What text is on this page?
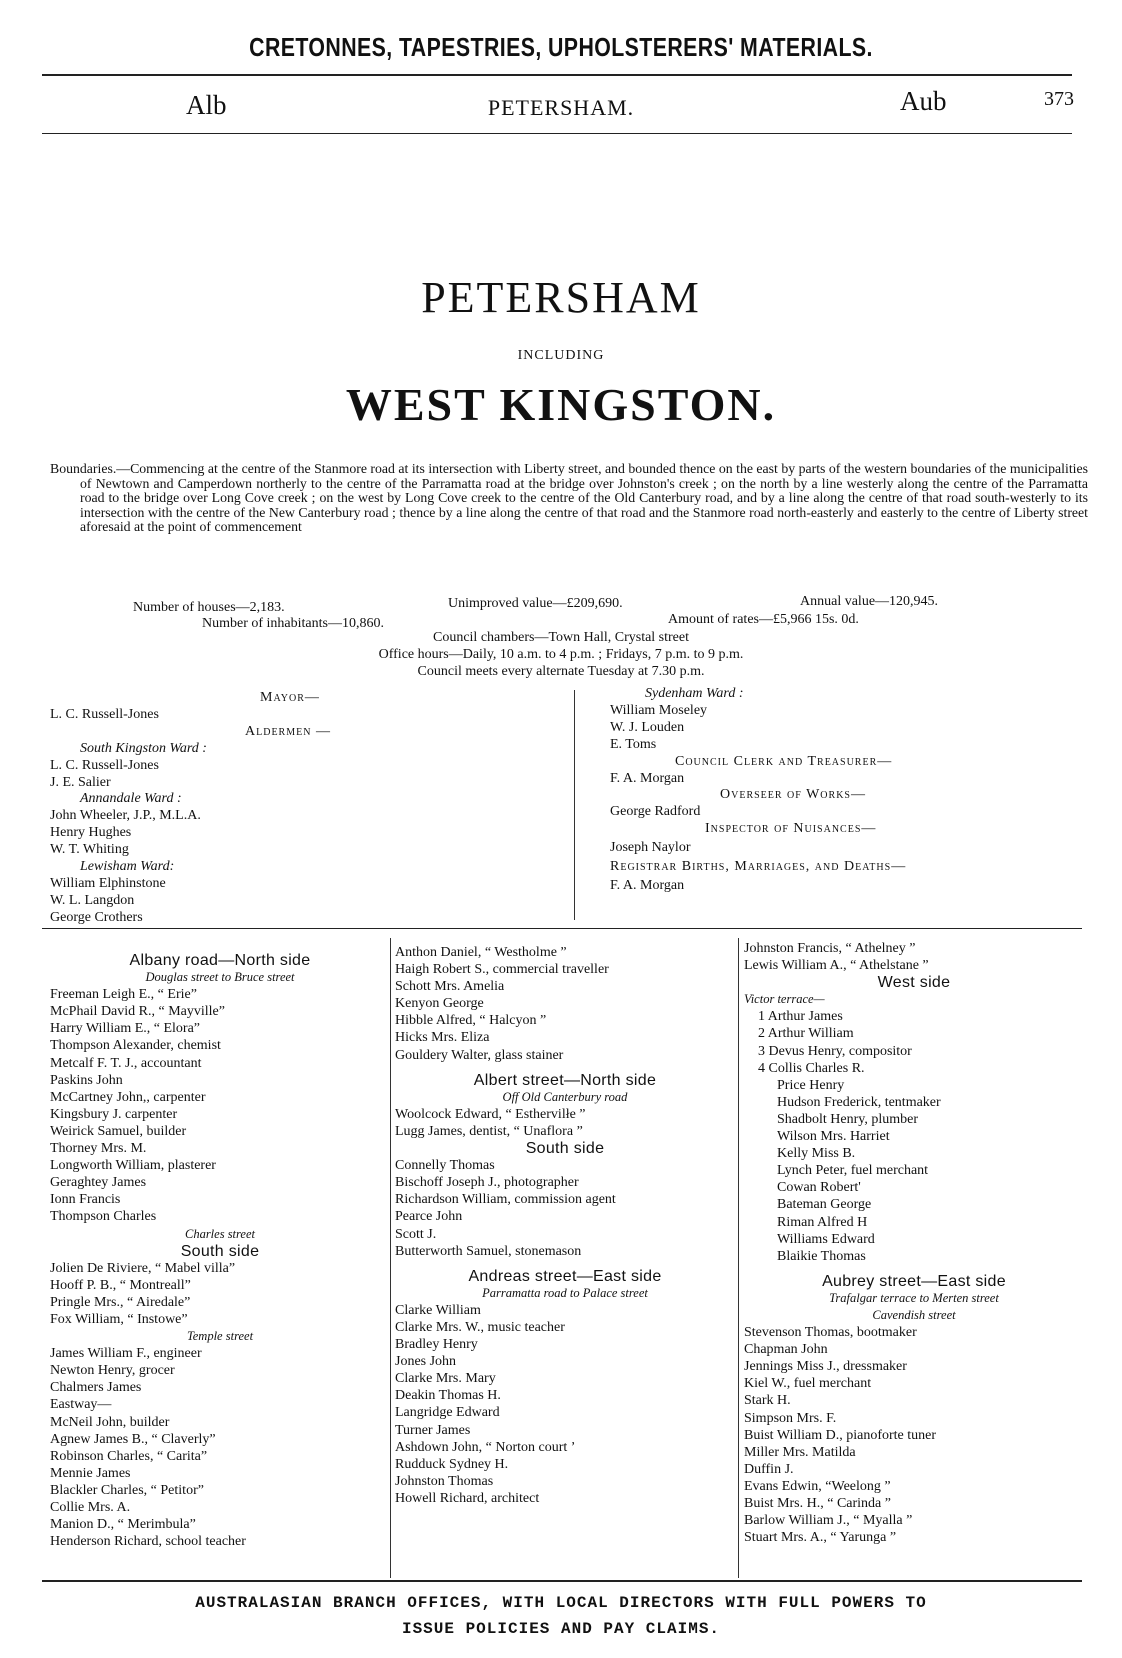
CRETONNES, TAPESTRIES, UPHOLSTERERS' MATERIALS.
Alb	PETERSHAM.	Aub	373
PETERSHAM
INCLUDING
WEST KINGSTON.

Boundaries.—Commencing at the centre of the Stanmore road at its intersection with Liberty street, and bounded thence on the east by parts of the western boundaries of the municipalities of Newtown and Camperdown northerly to the centre of the Parramatta road at the bridge over Johnston's creek ; on the north by a line westerly along the centre of the Parramatta road to the bridge over Long Cove creek ; on the west by Long Cove creek to the centre of the Old Canterbury road, and by a line along the centre of that road south-westerly to its intersection with the centre of the New Canterbury road ; thence by a line along the centre of that road and the Stanmore road north-easterly and easterly to the centre of Liberty street aforesaid at the point of commencement

Number of houses—2,183.	Unimproved value—£209,690.	Annual value—120,945.
Number of inhabitants—10,860.	Amount of rates—£5,966 15s. 0d.
Council chambers—Town Hall, Crystal street
Office hours—Daily, 10 a.m. to 4 p.m. ; Fridays, 7 p.m. to 9 p.m.
Council meets every alternate Tuesday at 7.30 p.m.
Mayor—
L. C. Russell-Jones
Aldermen —
South Kingston Ward :
L. C. Russell-Jones
J. E. Salier
Annandale Ward :
John Wheeler, J.P., M.L.A.
Henry Hughes
W. T. Whiting
Lewisham Ward:
William Elphinstone
W. L. Langdon
George Crothers
Sydenham Ward :
William Moseley
W. J. Louden
E. Toms
Council Clerk and Treasurer—
F. A. Morgan
Overseer of Works—
George Radford
Inspector of Nuisances—
Joseph Naylor
Registrar Births, Marriages, and Deaths—
F. A. Morgan
Albany road—North side
Douglas street to Bruce street
Freeman Leigh E., “ Erie”
McPhail David R., “ Mayville”
Harry William E., “ Elora”
Thompson Alexander, chemist
Metcalf F. T. J., accountant
Paskins John
McCartney John,, carpenter
Kingsbury J. carpenter
Weirick Samuel, builder
Thorney Mrs. M.
Longworth William, plasterer
Geraghtey James
Ionn Francis
Thompson Charles
Charles street
South side
Jolien De Riviere, “ Mabel villa”
Hooff P. B., “ Montreall”
Pringle Mrs., “ Airedale”
Fox William, “ Instowe”
Temple street
James William F., engineer
Newton Henry, grocer
Chalmers James
Eastway—
McNeil John, builder
Agnew James B., “ Claverly”
Robinson Charles, “ Carita”
Mennie James
Blackler Charles, “ Petitor”
Collie Mrs. A.
Manion D., “ Merimbula”
Henderson Richard, school teacher
Anthon Daniel, “ Westholme ”
Haigh Robert S., commercial traveller
Schott Mrs. Amelia
Kenyon George
Hibble Alfred, “ Halcyon ”
Hicks Mrs. Eliza
Gouldery Walter, glass stainer
Albert street—North side
Off Old Canterbury road
Woolcock Edward, “ Esthervilłe ”
Lugg James, dentist, “ Unaflora ”
South side
Connelly Thomas
Bischoff Joseph J., photographer
Richardson William, commission agent
Pearce John
Scott J.
Butterworth Samuel, stonemason
Andreas street—East side
Parramatta road to Palace street
Clarke William
Clarke Mrs. W., music teacher
Bradley Henry
Jones John
Clarke Mrs. Mary
Deakin Thomas H.
Langridge Edward
Turner James
Ashdown John, “ Norton court ’
Rudduck Sydney H.
Johnston Thomas
Howell Richard, architect
Johnston Francis, “ Athelney ”
Lewis William A., “ Athelstane ”
West side
Victor terrace—
1 Arthur James
2 Arthur William
3 Devus Henry, compositor
4 Collis Charles R.
Price Henry
Hudson Frederick, tentmaker
Shadbolt Henry, plumber
Wilson Mrs. Harriet
Kelly Miss B.
Lynch Peter, fuel merchant
Cowan Robert'
Bateman George
Riman Alfred H
Williams Edward
Blaikie Thomas
Aubrey street—East side
Trafalgar terrace to Merten street
Cavendish street
Stevenson Thomas, bootmaker
Chapman John
Jennings Miss J., dressmaker
Kiel W., fuel merchant
Stark H.
Simpson Mrs. F.
Buist William D., pianoforte tuner
Miller Mrs. Matilda
Duffin J.
Evans Edwin, “Weelong ”
Buist Mrs. H., “ Carinda ”
Barlow William J., “ Myalla ”
Stuart Mrs. A., “ Yarunga ”
AUSTRALASIAN BRANCH OFFICES, WITH LOCAL DIRECTORS WITH FULL POWERS TO
ISSUE POLICIES AND PAY CLAIMS.
